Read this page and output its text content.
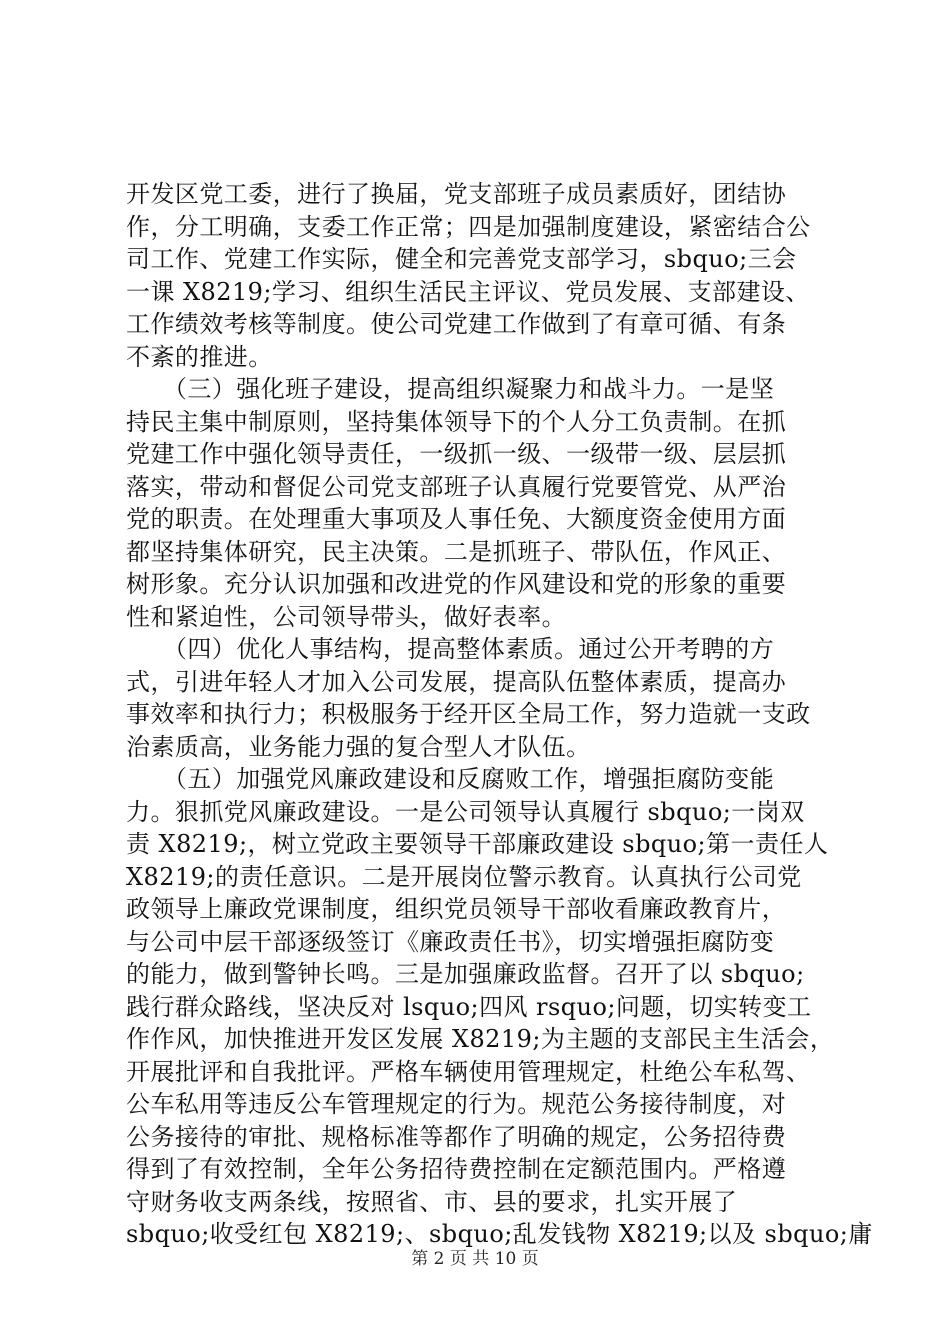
开发区党工委，进行了换届，党支部班子成员素质好，团结协
作，分工明确，支委工作正常；四是加强制度建设，紧密结合公
司工作、党建工作实际，健全和完善党支部学习，sbquo;三会
一课 X8219;学习、组织生活民主评议、党员发展、支部建设、
工作绩效考核等制度。使公司党建工作做到了有章可循、有条
不紊的推进。
　　（三）强化班子建设，提高组织凝聚力和战斗力。一是坚
持民主集中制原则，坚持集体领导下的个人分工负责制。在抓
党建工作中强化领导责任，一级抓一级、一级带一级、层层抓
落实，带动和督促公司党支部班子认真履行党要管党、从严治
党的职责。在处理重大事项及人事任免、大额度资金使用方面
都坚持集体研究，民主决策。二是抓班子、带队伍，作风正、
树形象。充分认识加强和改进党的作风建设和党的形象的重要
性和紧迫性，公司领导带头，做好表率。
　　（四）优化人事结构，提高整体素质。通过公开考聘的方
式，引进年轻人才加入公司发展，提高队伍整体素质，提高办
事效率和执行力；积极服务于经开区全局工作，努力造就一支政
治素质高，业务能力强的复合型人才队伍。
　　（五）加强党风廉政建设和反腐败工作，增强拒腐防变能
力。狠抓党风廉政建设。一是公司领导认真履行 sbquo;一岗双
责 X8219;，树立党政主要领导干部廉政建设 sbquo;第一责任人
X8219;的责任意识。二是开展岗位警示教育。认真执行公司党
政领导上廉政党课制度，组织党员领导干部收看廉政教育片，
与公司中层干部逐级签订《廉政责任书》，切实增强拒腐防变
的能力，做到警钟长鸣。三是加强廉政监督。召开了以 sbquo;
践行群众路线，坚决反对 lsquo;四风 rsquo;问题，切实转变工
作作风，加快推进开发区发展 X8219;为主题的支部民主生活会，
开展批评和自我批评。严格车辆使用管理规定，杜绝公车私驾、
公车私用等违反公车管理规定的行为。规范公务接待制度，对
公务接待的审批、规格标准等都作了明确的规定，公务招待费
得到了有效控制，全年公务招待费控制在定额范围内。严格遵
守财务收支两条线，按照省、市、县的要求，扎实开展了
sbquo;收受红包 X8219;、sbquo;乱发钱物 X8219;以及 sbquo;庸
第 2 页 共 10 页
